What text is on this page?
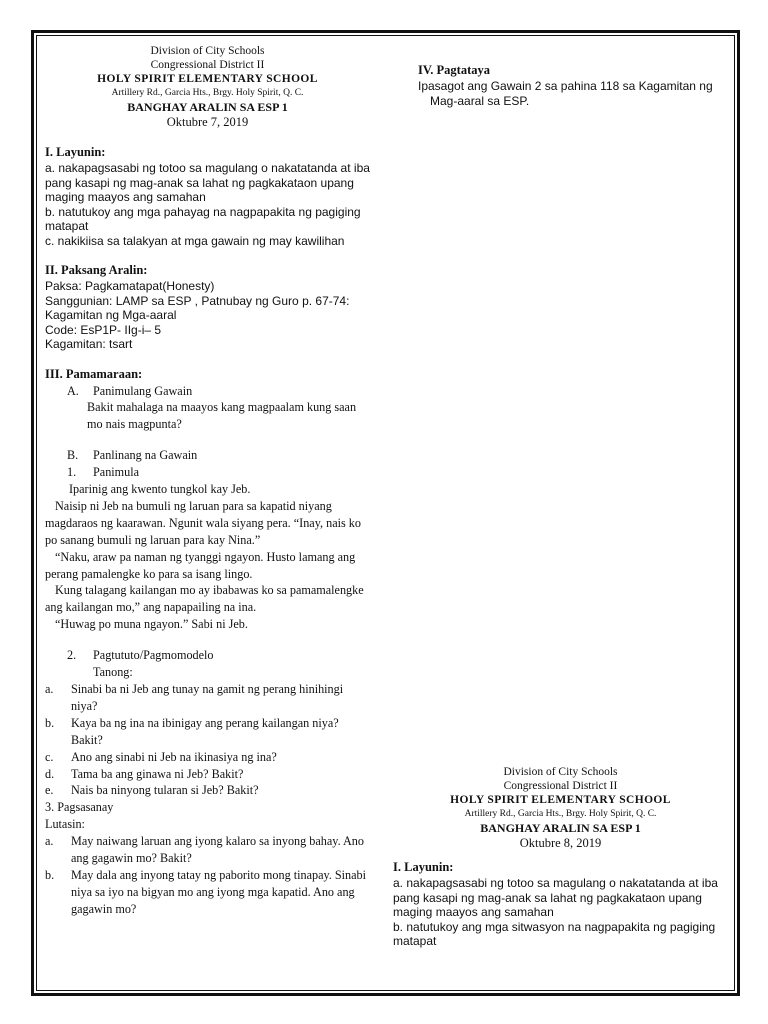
Division of City Schools
Congressional District II
HOLY SPIRIT ELEMENTARY SCHOOL
Artillery Rd., Garcia Hts., Brgy. Holy Spirit, Q. C.
BANGHAY ARALIN SA ESP 1
Oktubre 7, 2019

I. Layunin:

a. nakapagsasabi ng totoo sa magulang o nakatatanda at iba pang kasapi ng mag-anak sa lahat ng pagkakataon upang maging maayos ang samahan

b. natutukoy ang mga pahayag na nagpapakita ng pagiging matapat

c. nakikiisa sa talakyan at mga gawain ng may kawilihan

II. Paksang Aralin:

Paksa: Pagkamatapat(Honesty)

Sanggunian: LAMP sa ESP , Patnubay ng Guro p. 67-74: Kagamitan ng Mga-aaral

Code: EsP1P- IIg-i– 5

Kagamitan: tsart

III. Pamamaraan:

A.	Panimulang Gawain

Bakit mahalaga na maayos kang magpaalam kung saan mo nais magpunta?

B.	Panlinang na Gawain
1.	Panimula

Iparinig ang kwento tungkol kay Jeb.

Naisip ni Jeb na bumuli ng laruan para sa kapatid niyang magdaraos ng kaarawan. Ngunit wala siyang pera. “Inay, nais ko po sanang bumuli ng laruan para kay Nina.”

“Naku, araw pa naman ng tyanggi ngayon. Husto lamang ang perang pamalengke ko para sa isang lingo.

Kung talagang kailangan mo ay ibabawas ko sa pamamalengke ang kailangan mo,” ang napapailing na ina.

“Huwag po muna ngayon.” Sabi ni Jeb.

2.	Pagtututo/Pagmomodelo

Tanong:

a.	Sinabi ba ni Jeb ang tunay na gamit ng perang hinihingi niya?
b.	Kaya ba ng ina na ibinigay ang perang kailangan niya? Bakit?
c.	Ano ang sinabi ni Jeb na ikinasiya ng ina?
d.	Tama ba ang ginawa ni Jeb? Bakit?
e.	Nais ba ninyong tularan si Jeb? Bakit?

3. Pagsasanay

Lutasin:

a.	May naiwang laruan ang iyong kalaro sa inyong bahay. Ano ang gagawin mo? Bakit?
b.	May dala ang inyong tatay ng paborito mong tinapay. Sinabi niya sa iyo na bigyan mo ang iyong mga kapatid. Ano ang gagawin mo?

IV. Pagtataya

Ipasagot ang Gawain 2 sa pahina 118 sa Kagamitan ng Mag-aaral sa ESP.

Division of City Schools
Congressional District II
HOLY SPIRIT ELEMENTARY SCHOOL
Artillery Rd., Garcia Hts., Brgy. Holy Spirit, Q. C.
BANGHAY ARALIN SA ESP 1
Oktubre 8, 2019

I. Layunin:

a. nakapagsasabi ng totoo sa magulang o nakatatanda at iba pang kasapi ng mag-anak sa lahat ng pagkakataon upang maging maayos ang samahan

b. natutukoy ang mga sitwasyon na nagpapakita ng pagiging matapat
